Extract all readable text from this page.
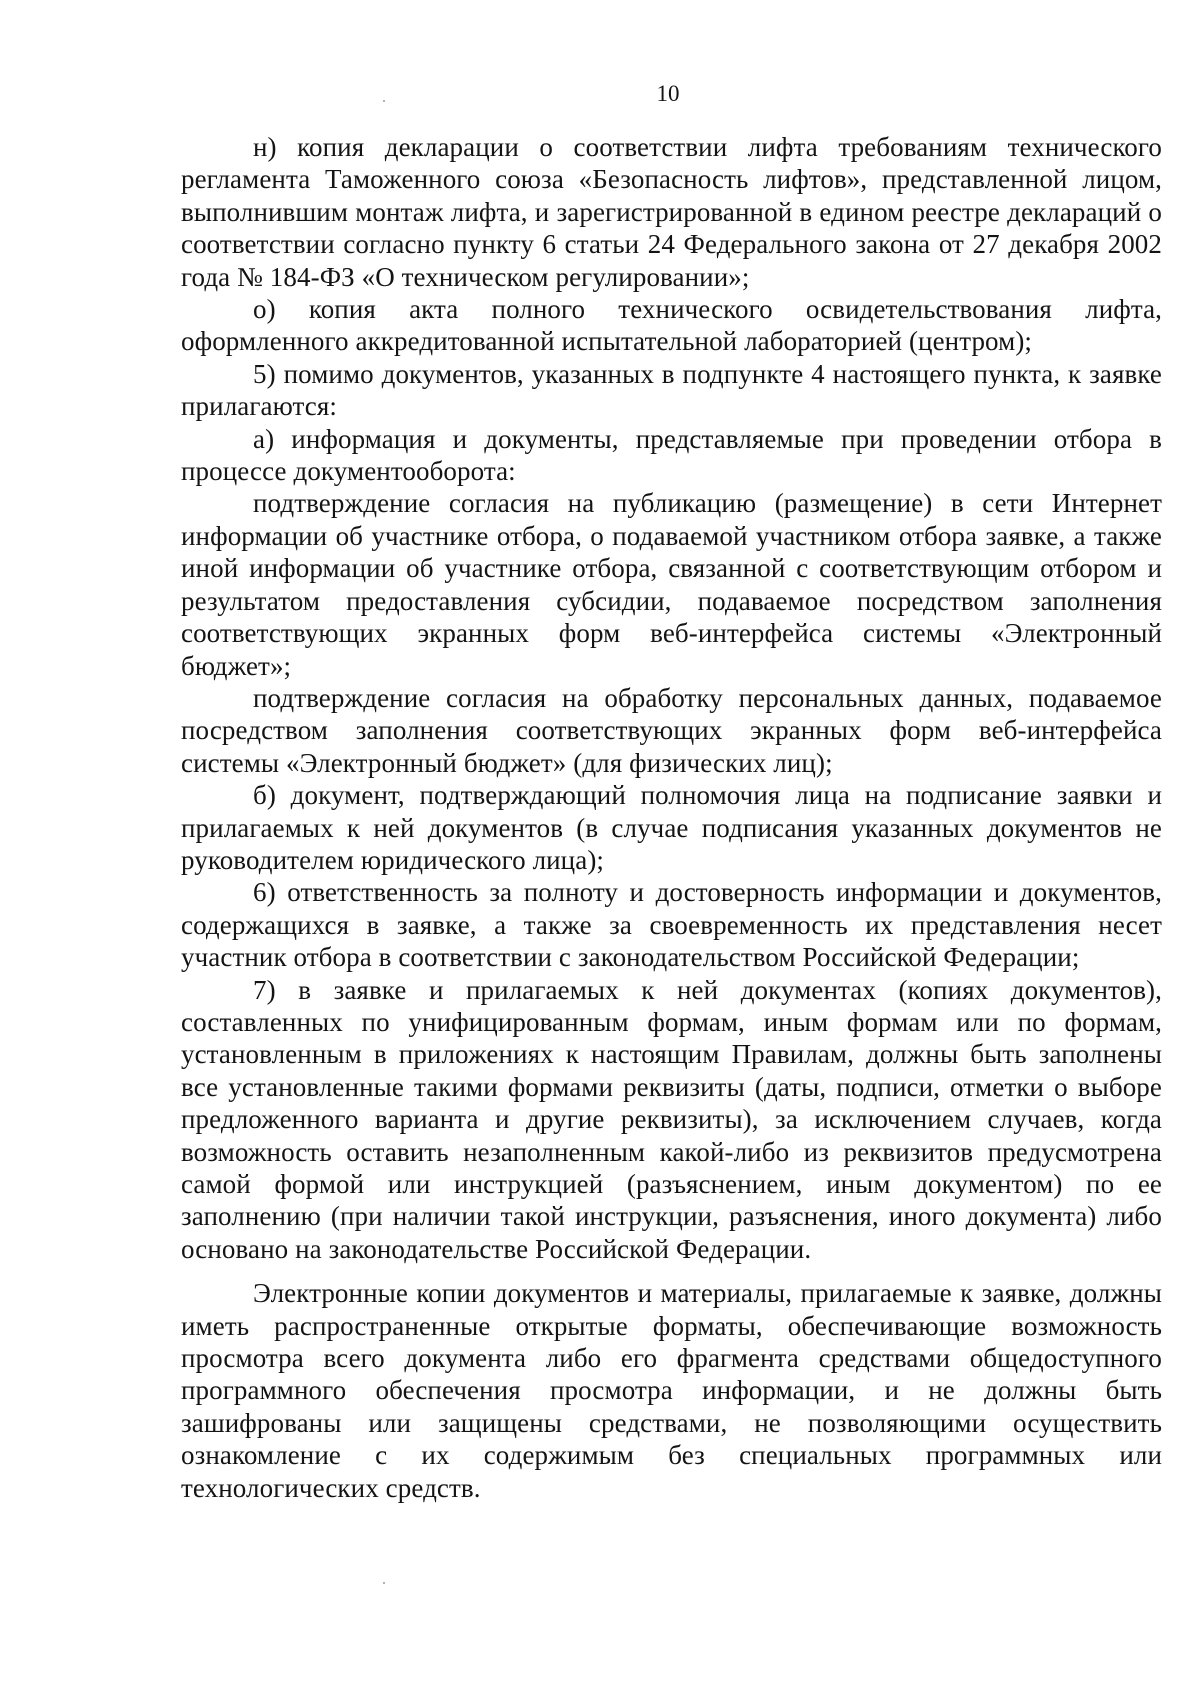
10

н) копия декларации о соответствии лифта требованиям технического регламента Таможенного союза «Безопасность лифтов», представленной лицом, выполнившим монтаж лифта, и зарегистрированной в едином реестре деклараций о соответствии согласно пункту 6 статьи 24 Федерального закона от 27 декабря 2002 года № 184-ФЗ «О техническом регулировании»;

о) копия акта полного технического освидетельствования лифта, оформленного аккредитованной испытательной лабораторией (центром);

5) помимо документов, указанных в подпункте 4 настоящего пункта, к заявке прилагаются:

а) информация и документы, представляемые при проведении отбора в процессе документооборота:

подтверждение согласия на публикацию (размещение) в сети Интернет информации об участнике отбора, о подаваемой участником отбора заявке, а также иной информации об участнике отбора, связанной с соответствующим отбором и результатом предоставления субсидии, подаваемое посредством заполнения соответствующих экранных форм веб-интерфейса системы «Электронный бюджет»;

подтверждение согласия на обработку персональных данных, подаваемое посредством заполнения соответствующих экранных форм веб-интерфейса системы «Электронный бюджет» (для физических лиц);

б) документ, подтверждающий полномочия лица на подписание заявки и прилагаемых к ней документов (в случае подписания указанных документов не руководителем юридического лица);

6) ответственность за полноту и достоверность информации и документов, содержащихся в заявке, а также за своевременность их представления несет участник отбора в соответствии с законодательством Российской Федерации;

7) в заявке и прилагаемых к ней документах (копиях документов), составленных по унифицированным формам, иным формам или по формам, установленным в приложениях к настоящим Правилам, должны быть заполнены все установленные такими формами реквизиты (даты, подписи, отметки о выборе предложенного варианта и другие реквизиты), за исключением случаев, когда возможность оставить незаполненным какой-либо из реквизитов предусмотрена самой формой или инструкцией (разъяснением, иным документом) по ее заполнению (при наличии такой инструкции, разъяснения, иного документа) либо основано на законодательстве Российской Федерации.

Электронные копии документов и материалы, прилагаемые к заявке, должны иметь распространенные открытые форматы, обеспечивающие возможность просмотра всего документа либо его фрагмента средствами общедоступного программного обеспечения просмотра информации, и не должны быть зашифрованы или защищены средствами, не позволяющими осуществить ознакомление с их содержимым без специальных программных или технологических средств.
